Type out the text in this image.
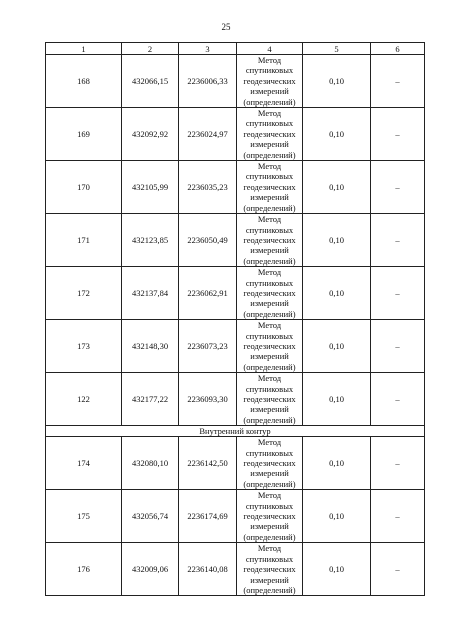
25
1	2	3	4	5	6
168	432066,15	2236006,33	Метод
спутниковых
геодезических
измерений
(определений)	0,10	–
169	432092,92	2236024,97	Метод
спутниковых
геодезических
измерений
(определений)	0,10	–
170	432105,99	2236035,23	Метод
спутниковых
геодезических
измерений
(определений)	0,10	–
171	432123,85	2236050,49	Метод
спутниковых
геодезических
измерений
(определений)	0,10	–
172	432137,84	2236062,91	Метод
спутниковых
геодезических
измерений
(определений)	0,10	–
173	432148,30	2236073,23	Метод
спутниковых
геодезических
измерений
(определений)	0,10	–
122	432177,22	2236093,30	Метод
спутниковых
геодезических
измерений
(определений)	0,10	–
Внутренний контур					
174	432080,10	2236142,50	Метод
спутниковых
геодезических
измерений
(определений)	0,10	–
175	432056,74	2236174,69	Метод
спутниковых
геодезических
измерений
(определений)	0,10	–
176	432009,06	2236140,08	Метод
спутниковых
геодезических
измерений
(определений)	0,10	–
